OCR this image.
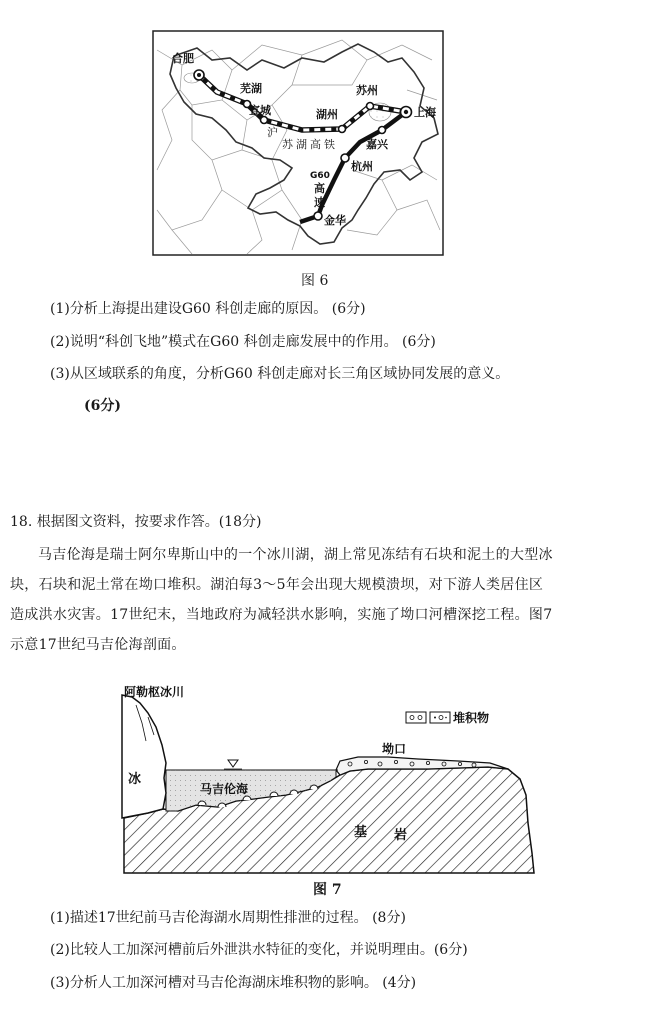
合肥
芜湖
宣城	湖州
苏州
上海
嘉兴
杭州
金华
沪
苏 湖 高 铁
G60
高
速
图 6
(1)分析上海提出建设G60 科创走廊的原因。 (6分)
(2)说明“科创飞地”模式在G60 科创走廊发展中的作用。 (6分)
(3)从区域联系的角度，分析G60 科创走廊对长三角区域协同发展的意义。
(6分)
18. 根据图文资料，按要求作答。(18分)
马吉伦海是瑞士阿尔卑斯山中的一个冰川湖，湖上常见冻结有石块和泥土的大型冰
块，石块和泥土常在坳口堆积。湖泊每3～5年会出现大规模溃坝，对下游人类居住区
造成洪水灾害。17世纪末，当地政府为减轻洪水影响，实施了坳口河槽深挖工程。图7
示意17世纪马吉伦海剖面。
阿勒枢冰川
冰
马吉伦海
坳口
基 岩
堆积物
图 7
(1)描述17世纪前马吉伦海湖水周期性排泄的过程。 (8分)
(2)比较人工加深河槽前后外泄洪水特征的变化，并说明理由。(6分)
(3)分析人工加深河槽对马吉伦海湖床堆积物的影响。 (4分)
